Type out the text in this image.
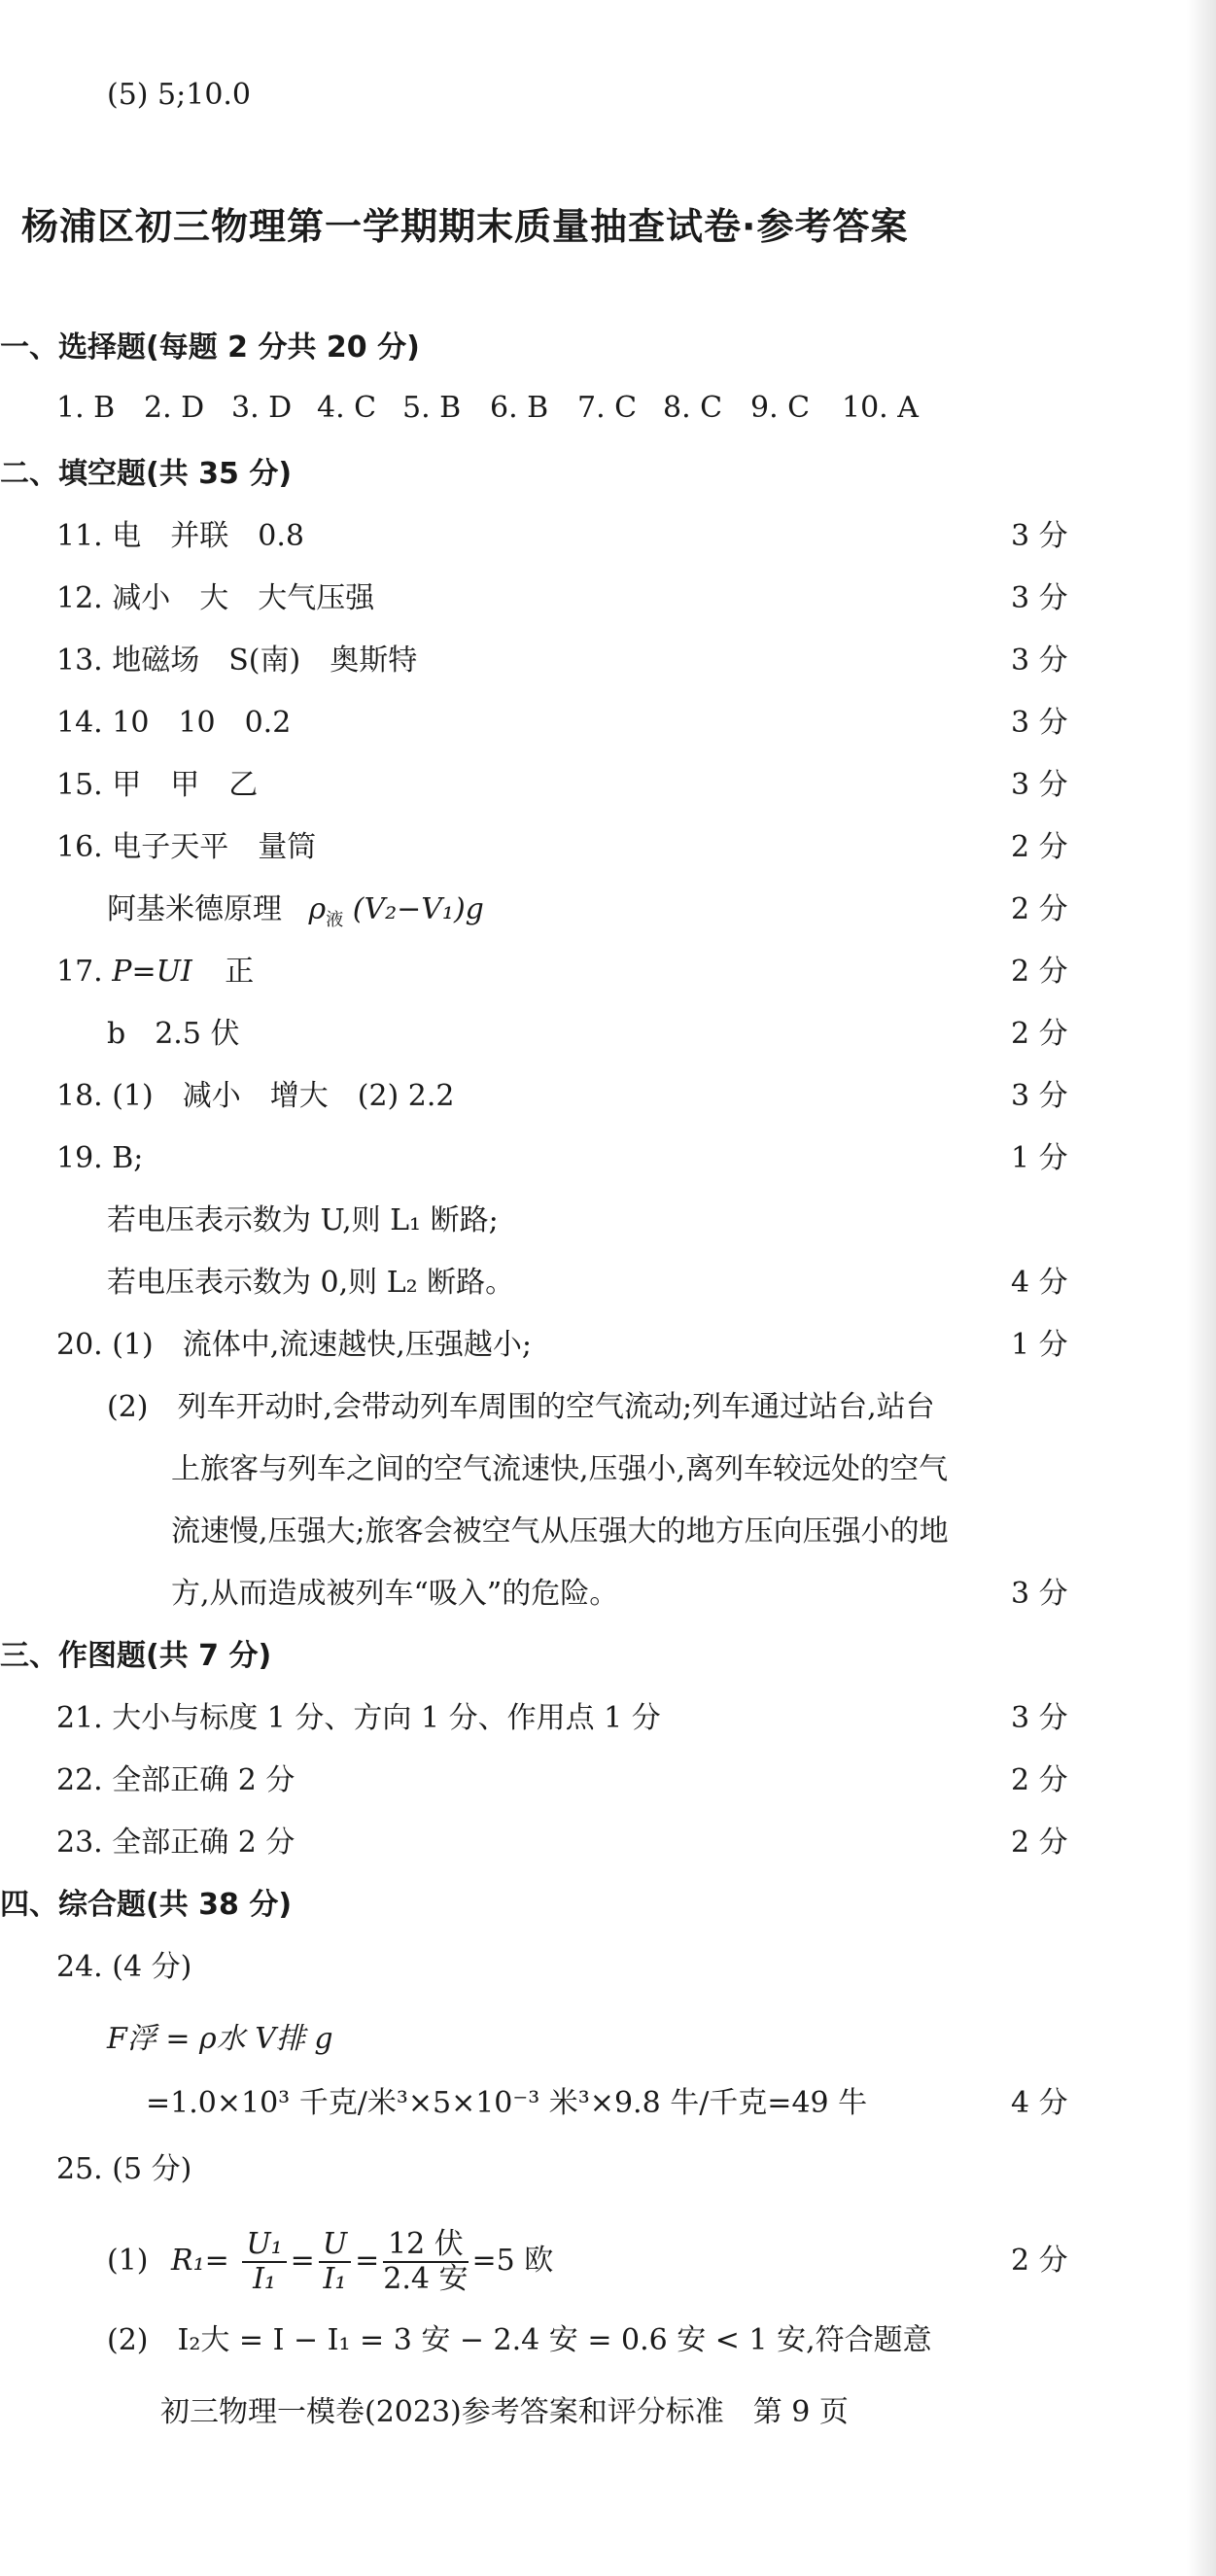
(5) 5;10.0
杨浦区初三物理第一学期期末质量抽查试卷·参考答案
一、选择题(每题 2 分共 20 分)
1. B 2. D 3. D 4. C 5. B 6. B 7. C 8. C 9. C 10. A
二、填空题(共 35 分)
11. 电　并联　0.8	3 分
12. 减小　大　大气压强	3 分
13. 地磁场　S(南)　奥斯特	3 分
14. 10　10　0.2	3 分
15. 甲　甲　乙	3 分
16. 电子天平　量筒	2 分
阿基米德原理 $\rho_液$ (V₂−V₁)g	2 分
17. P=UI 正	2 分
b　2.5 伏	2 分
18. (1)　减小　增大　(2) 2.2	3 分
19. B;	1 分
若电压表示数为 U,则 L₁ 断路;
若电压表示数为 0,则 L₂ 断路。	4 分
20. (1)　流体中,流速越快,压强越小;	1 分
(2)　列车开动时,会带动列车周围的空气流动;列车通过站台,站台
上旅客与列车之间的空气流速快,压强小,离列车较远处的空气
流速慢,压强大;旅客会被空气从压强大的地方压向压强小的地
方,从而造成被列车“吸入”的危险。	3 分
三、作图题(共 7 分)
21. 大小与标度 1 分、方向 1 分、作用点 1 分	3 分
22. 全部正确 2 分	2 分
23. 全部正确 2 分	2 分
四、综合题(共 38 分)
24. (4 分)
F浮 = ρ水 V排 g
=1.0×10³ 千克/米³×5×10⁻³ 米³×9.8 牛/千克=49 牛	4 分
25. (5 分)
(1) $R_1= \frac{\text{U₁}}{\text{I₁}} = \frac{U}{\text{I₁}} = \frac{\text{12 伏}}{\text{2.4 安}} =5$ 欧	2 分
(2)　I₂大 = I − I₁ = 3 安 − 2.4 安 = 0.6 安 < 1 安,符合题意
初三物理一模卷(2023)参考答案和评分标准　第 9 页
